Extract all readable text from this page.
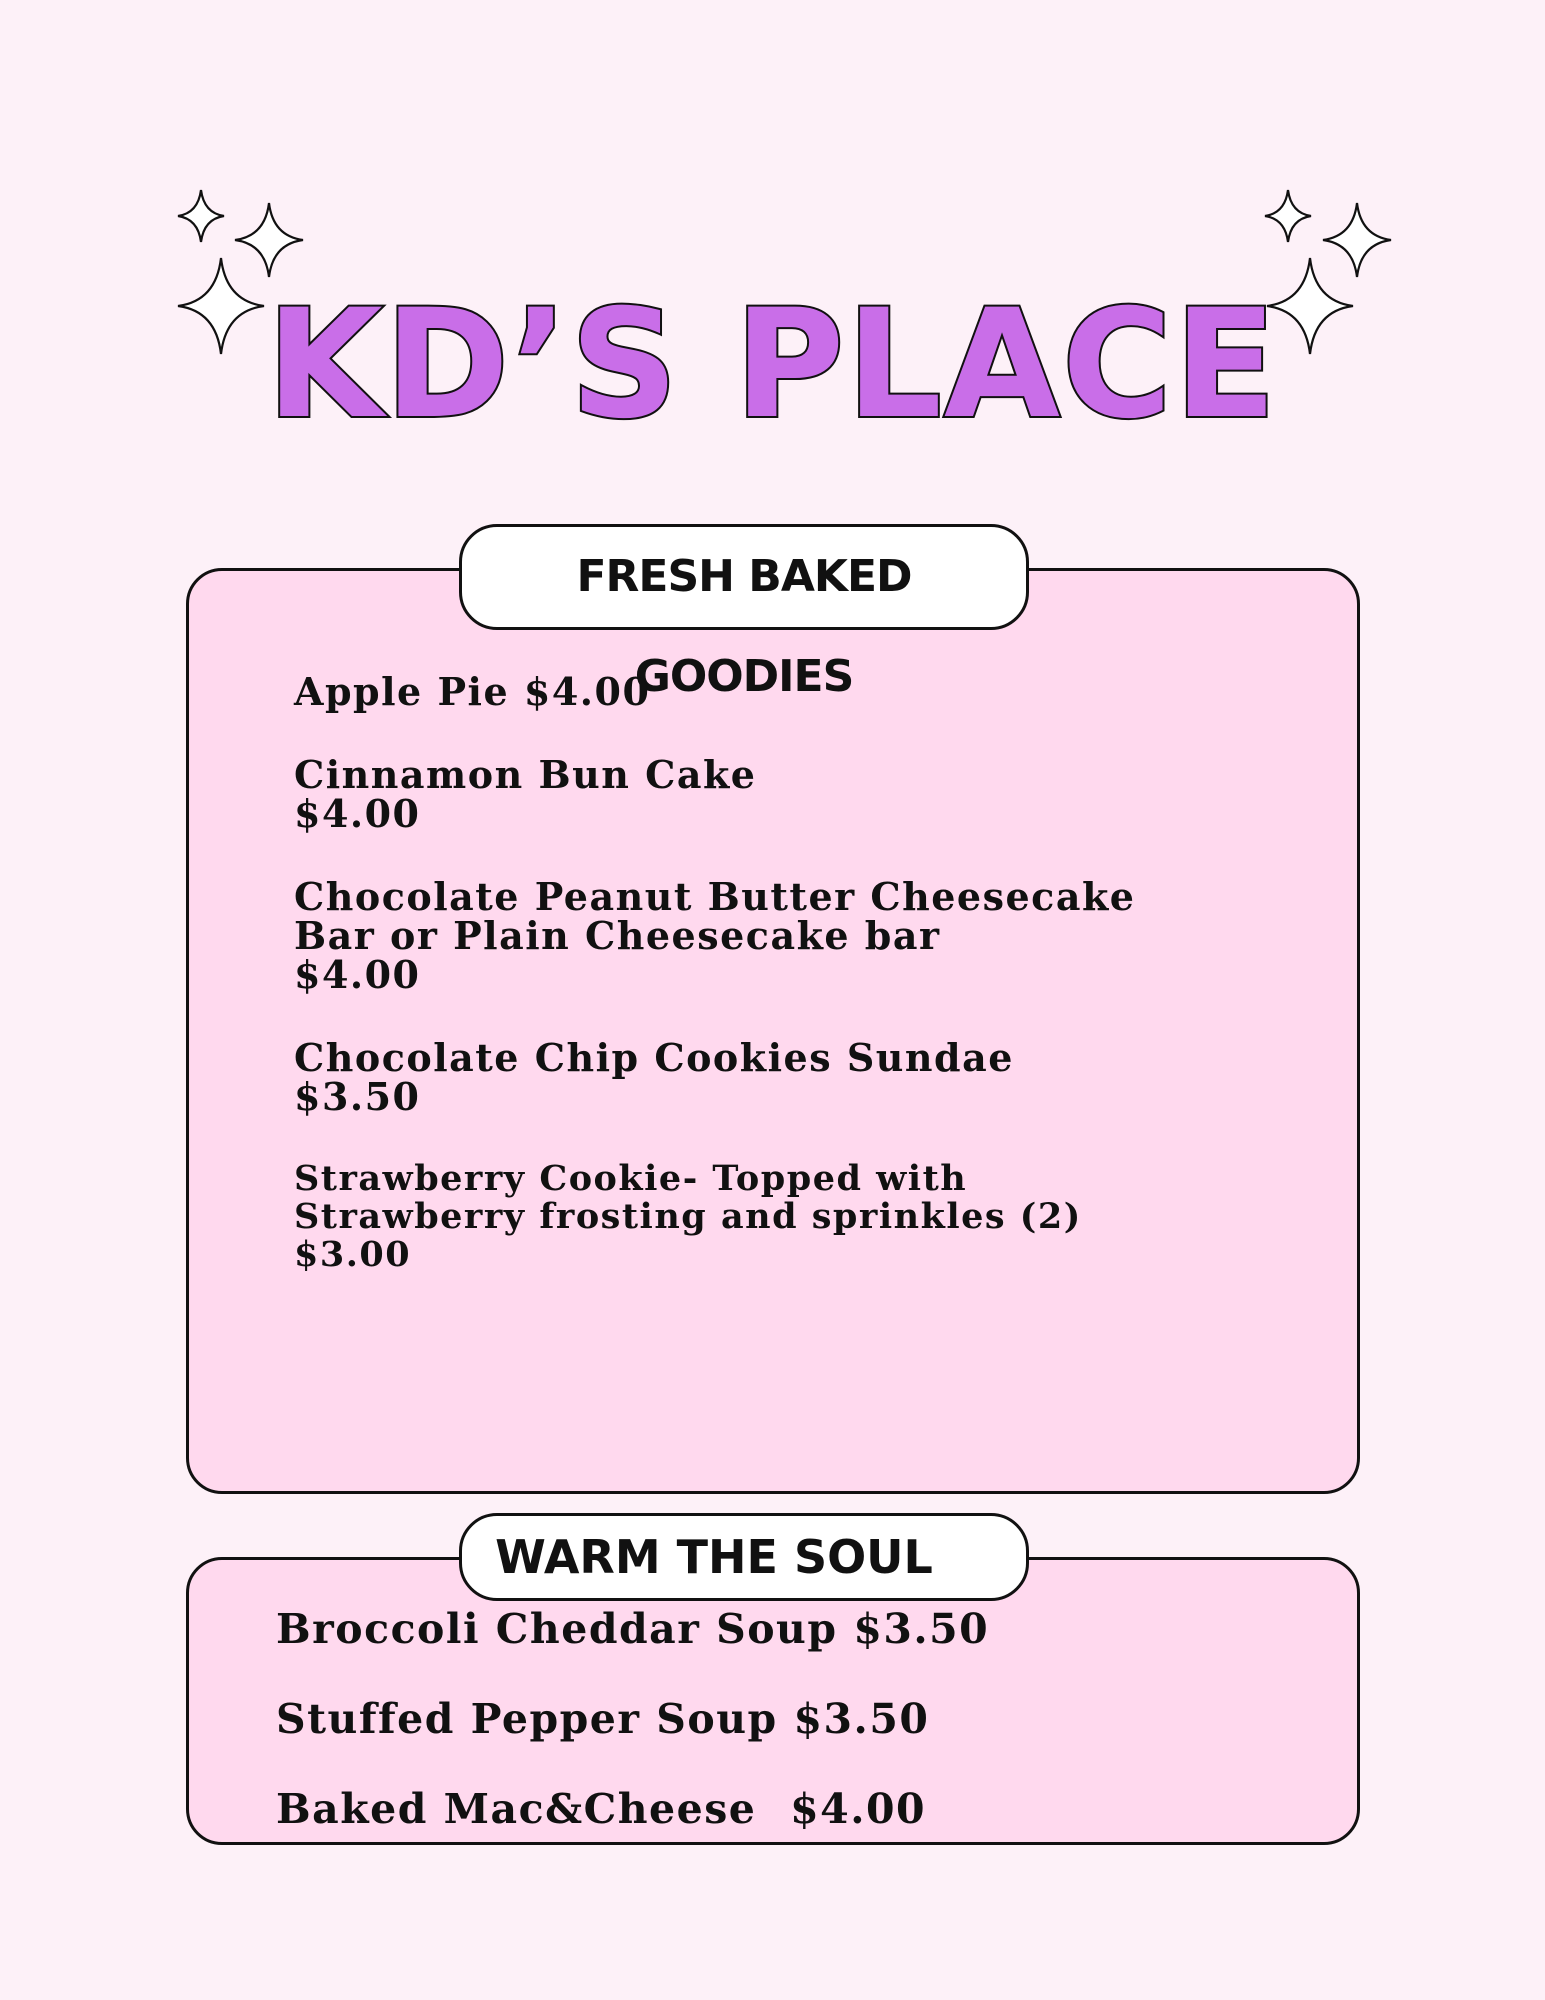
KD’S PLACE
FRESH BAKED GOODIES
Apple Pie $4.00
Cinnamon Bun Cake
$4.00
Chocolate Peanut Butter Cheesecake Bar or Plain Cheesecake bar
$4.00
Chocolate Chip Cookies Sundae
$3.50
Strawberry Cookie- Topped with Strawberry frosting and sprinkles (2)
$3.00
WARM THE SOUL
Broccoli Cheddar Soup $3.50
Stuffed Pepper Soup $3.50
Baked Mac&Cheese $4.00
